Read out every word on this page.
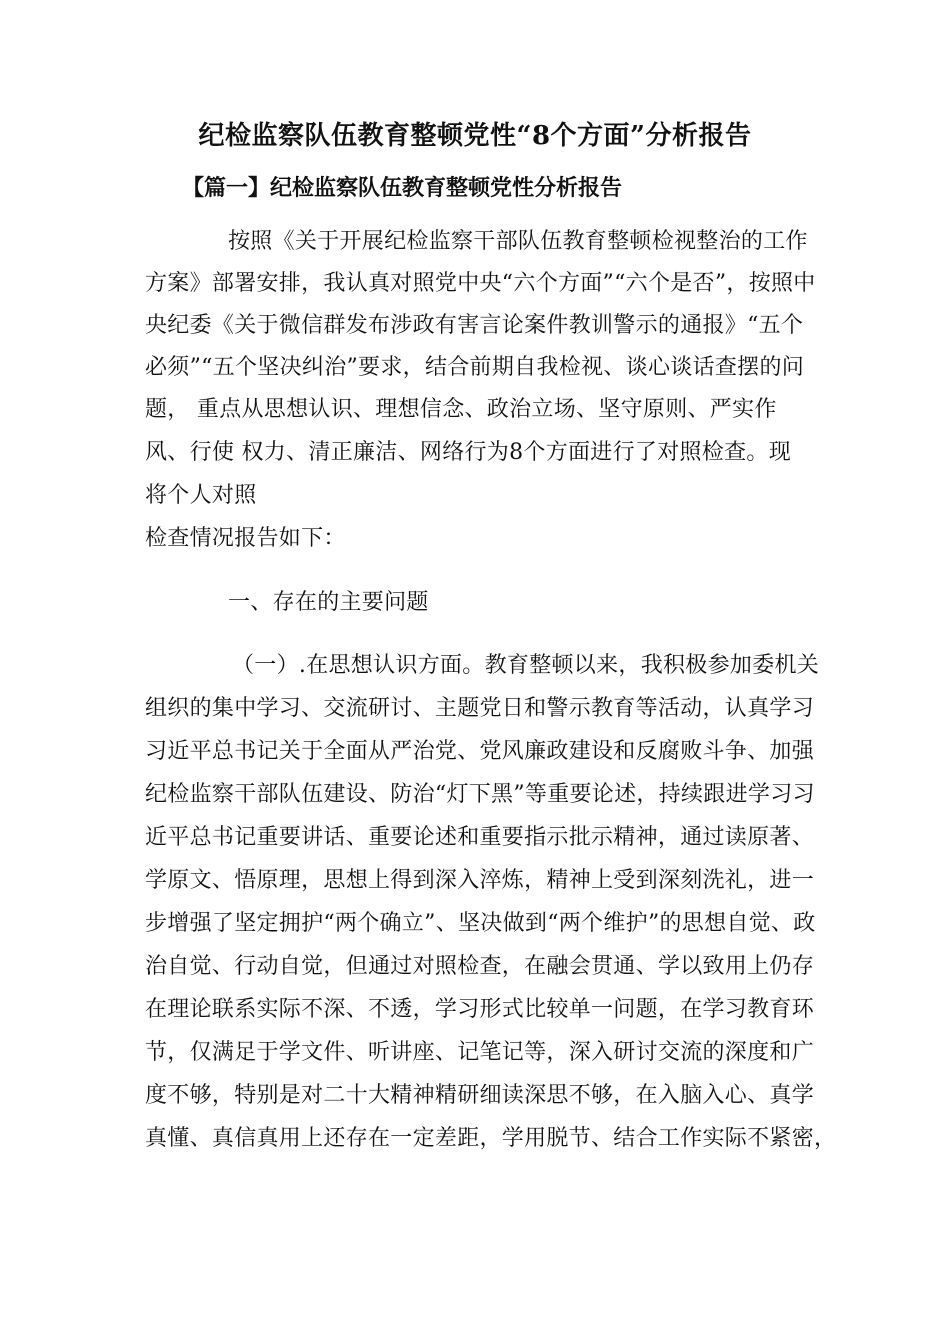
纪检监察队伍教育整顿党性“8个方面”分析报告
【篇一】纪检监察队伍教育整顿党性分析报告
按照《关于开展纪检监察干部队伍教育整顿检视整治的工作
方案》部署安排，我认真对照党中央“六个方面”“六个是否”，按照中
央纪委《关于微信群发布涉政有害言论案件教训警示的通报》“五个
必须”“五个坚决纠治”要求，结合前期自我检视、谈心谈话查摆的问
题， 重点从思想认识、理想信念、政治立场、坚守原则、严实作
风、行使 权力、清正廉洁、网络行为8个方面进行了对照检查。现
将个人对照
检查情况报告如下：
一、存在的主要问题
（一）.在思想认识方面。教育整顿以来，我积极参加委机关
组织的集中学习、交流研讨、主题党日和警示教育等活动，认真学习
习近平总书记关于全面从严治党、党风廉政建设和反腐败斗争、加强
纪检监察干部队伍建设、防治“灯下黑”等重要论述，持续跟进学习习
近平总书记重要讲话、重要论述和重要指示批示精神，通过读原著、
学原文、悟原理，思想上得到深入淬炼，精神上受到深刻洗礼，进一
步增强了坚定拥护“两个确立”、坚决做到“两个维护”的思想自觉、政
治自觉、行动自觉，但通过对照检查，在融会贯通、学以致用上仍存
在理论联系实际不深、不透，学习形式比较单一问题，在学习教育环
节，仅满足于学文件、听讲座、记笔记等，深入研讨交流的深度和广
度不够，特别是对二十大精神精研细读深思不够，在入脑入心、真学
真懂、真信真用上还存在一定差距，学用脱节、结合工作实际不紧密，
